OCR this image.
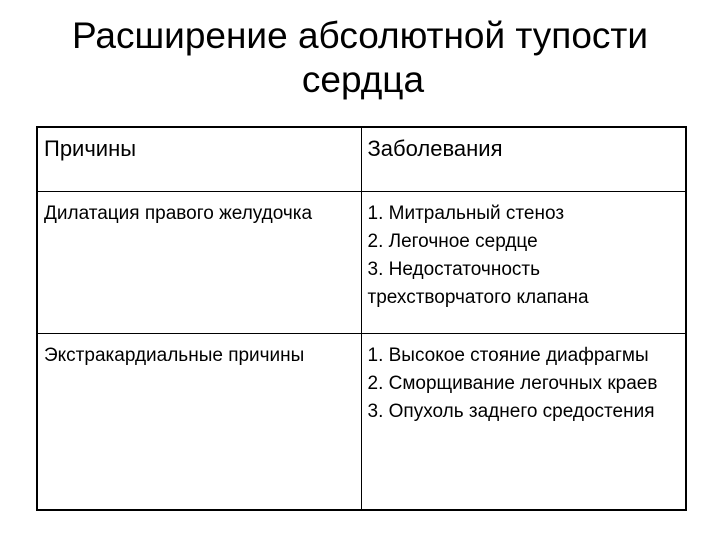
Расширение абсолютной тупости
сердца
Причины	Заболевания
Дилатация правого желудочка	1. Митральный стеноз
2. Легочное сердце
3. Недостаточность трехстворчатого клапана

Экстракардиальные причины	1. Высокое стояние диафрагмы
2. Сморщивание легочных краев
3. Опухоль заднего средостения
